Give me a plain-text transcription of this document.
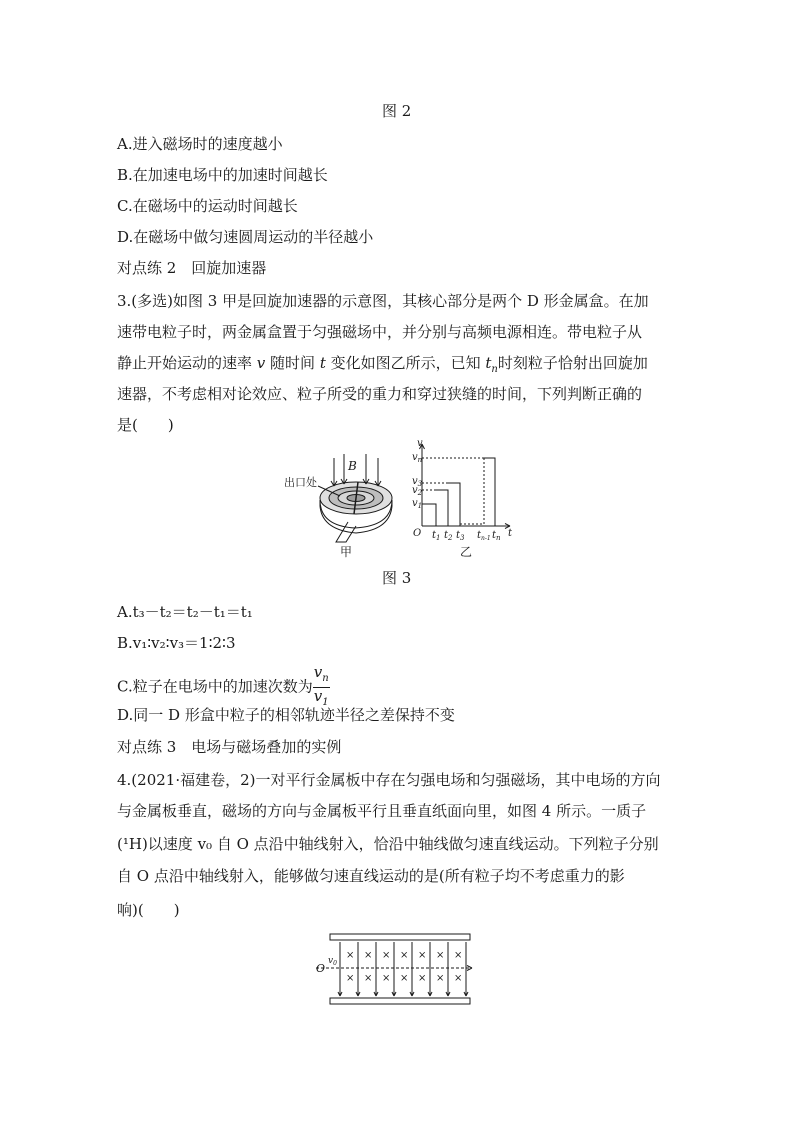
图 2
A.进入磁场时的速度越小
B.在加速电场中的加速时间越长
C.在磁场中的运动时间越长
D.在磁场中做匀速圆周运动的半径越小
对点练 2　回旋加速器
3.(多选)如图 3 甲是回旋加速器的示意图，其核心部分是两个 D 形金属盒。在加
速带电粒子时，两金属盒置于匀强磁场中，并分别与高频电源相连。带电粒子从
静止开始运动的速率 v 随时间 t 变化如图乙所示，已知 $t_n$时刻粒子恰射出回旋加
速器，不考虑相对论效应、粒子所受的重力和穿过狭缝的时间，下列判断正确的
是(　　)
出口处
B
v
t
O
$v_n$
$v_3$
$v_2$
$v_1$
$t_1$ $t_2$ $t_3$ $t_{n-1}$ $t_n$
甲	乙
图 3
A.t₃－t₂＝t₂－t₁＝t₁
B.v₁∶v₂∶v₃＝1∶2∶3
C.粒子在电场中的加速次数为 $\frac{v_n}{v_1}$
D.同一 D 形盒中粒子的相邻轨迹半径之差保持不变
对点练 3　电场与磁场叠加的实例
4.(2021·福建卷，2)一对平行金属板中存在匀强电场和匀强磁场，其中电场的方向
与金属板垂直，磁场的方向与金属板平行且垂直纸面向里，如图 4 所示。一质子
(¹H)以速度 v₀ 自 O 点沿中轴线射入，恰沿中轴线做匀速直线运动。下列粒子分别
自 O 点沿中轴线射入，能够做匀速直线运动的是(所有粒子均不考虑重力的影
响)(　　)
× × × × × × ×
× × × × × × ×
O
$v_0$
